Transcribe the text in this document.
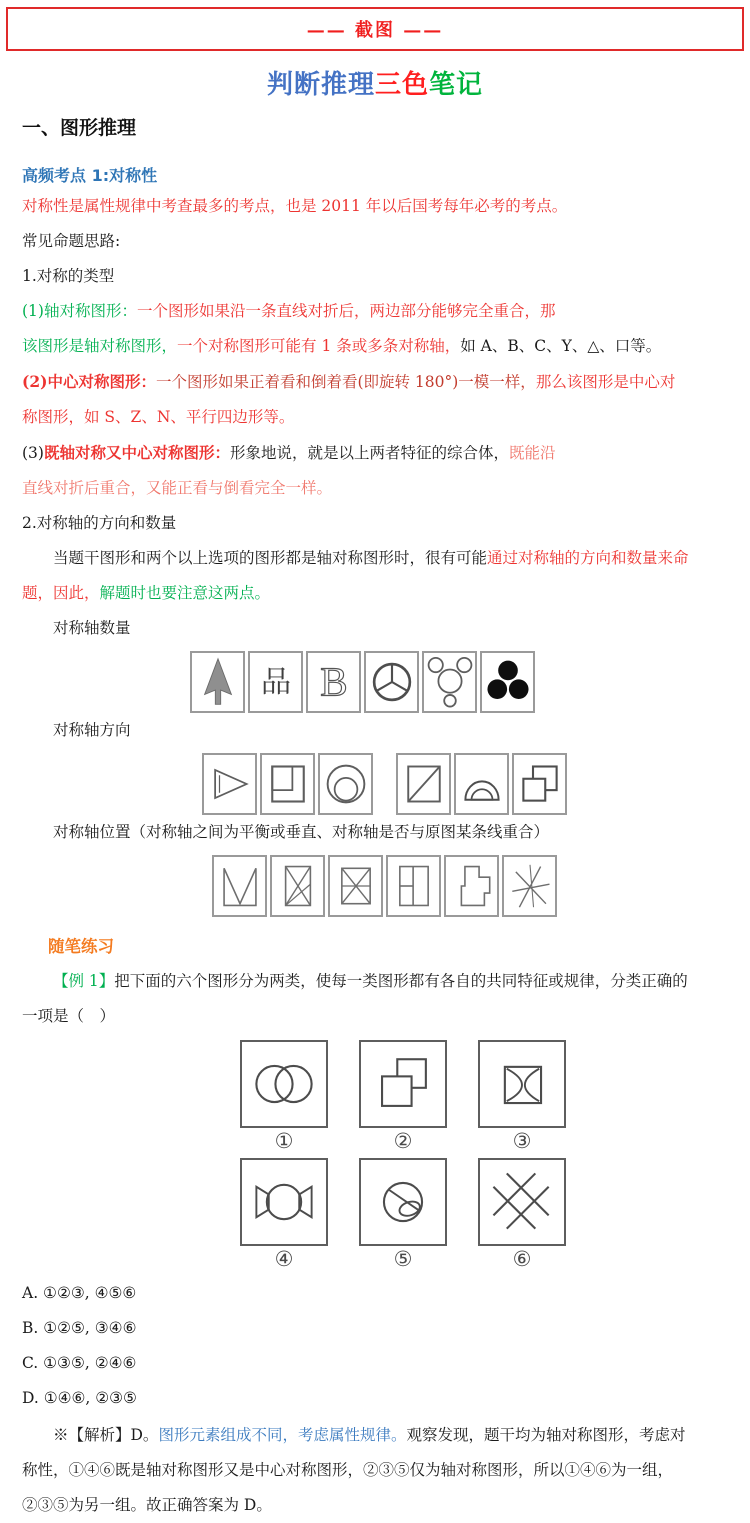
—— 截图 ——
判断推理三色笔记
一、图形推理
高频考点 1:对称性

对称性是属性规律中考查最多的考点，也是 2011 年以后国考每年必考的考点。

常见命题思路:

1.对称的类型

(1)轴对称图形：一个图形如果沿一条直线对折后，两边部分能够完全重合，那

该图形是轴对称图形，一个对称图形可能有 1 条或多条对称轴，如 A、B、C、Y、△、口等。

(2)中心对称图形：一个图形如果正着看和倒着看(即旋转 180°)一模一样，那么该图形是中心对

称图形，如 S、Z、N、平行四边形等。

(3)既轴对称又中心对称图形：形象地说，就是以上两者特征的综合体，既能沿

直线对折后重合，又能正看与倒看完全一样。

2.对称轴的方向和数量

当题干图形和两个以上选项的图形都是轴对称图形时，很有可能通过对称轴的方向和数量来命

题，因此，解题时也要注意这两点。

对称轴数量

品 B

对称轴方向

对称轴位置（对称轴之间为平衡或垂直、对称轴是否与原图某条线重合）

随笔练习

【例 1】把下面的六个图形分为两类，使每一类图形都有各自的共同特征或规律，分类正确的

一项是（　）

①	②	③
④	⑤	⑥

A. ①②③, ④⑤⑥

B. ①②⑤, ③④⑥

C. ①③⑤, ②④⑥

D. ①④⑥, ②③⑤

※【解析】D。图形元素组成不同，考虑属性规律。观察发现，题干均为轴对称图形，考虑对

称性，①④⑥既是轴对称图形又是中心对称图形，②③⑤仅为轴对称图形，所以①④⑥为一组，

②③⑤为另一组。故正确答案为 D。
